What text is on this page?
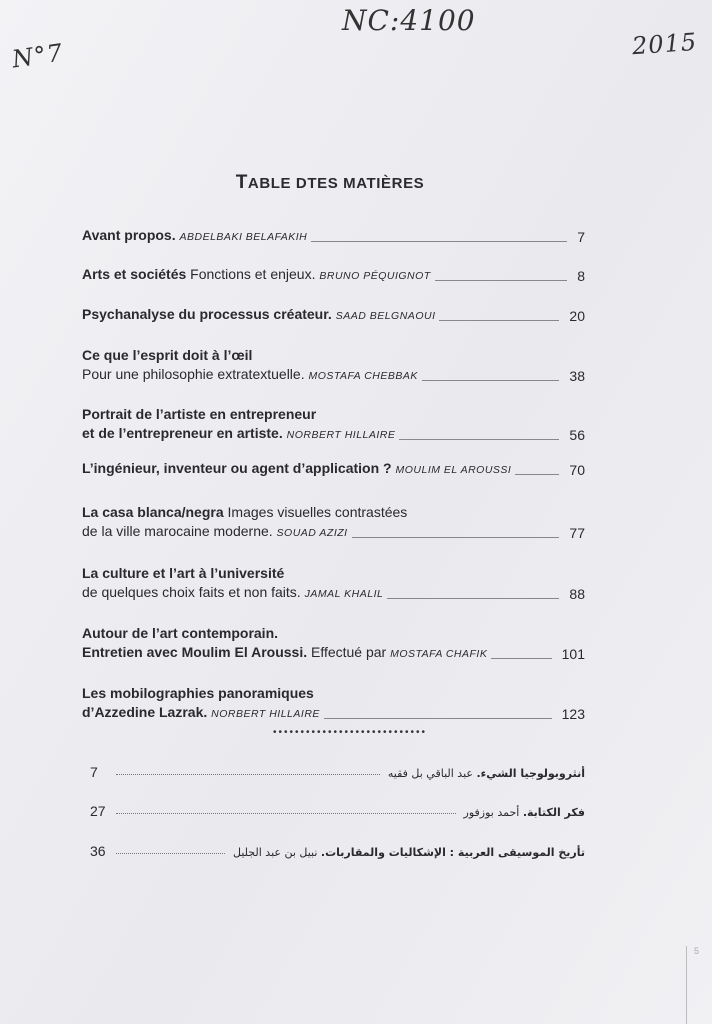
NC:4100
N°7	2015
TABLE DTES MATIÈRES
Avant propos. ABDELBAKI BELAFAKIH	7
Arts et sociétés Fonctions et enjeux. BRUNO PÉQUIGNOT	8
Psychanalyse du processus créateur. SAAD BELGNAOUI	20
Ce que l’esprit doit à l’œil
Pour une philosophie extratextuelle. MOSTAFA CHEBBAK	38
Portrait de l’artiste en entrepreneur
et de l’entrepreneur en artiste. NORBERT HILLAIRE	56
L’ingénieur, inventeur ou agent d’application ? MOULIM EL AROUSSI	70
La casa blanca/negra Images visuelles contrastées
de la ville marocaine moderne. SOUAD AZIZI	77
La culture et l’art à l’université
de quelques choix faits et non faits. JAMAL KHALIL	88
Autour de l’art contemporain.
Entretien avec Moulim El Aroussi. Effectué par MOSTAFA CHAFIK	101
Les mobilographies panoramiques
d’Azzedine Lazrak. NORBERT HILLAIRE	123
••••••••••••••••••••••••••••
7	أنثروبولوجيا الشيء. عبد الباقي بل فقيه
27	فكر الكتابة. أحمد بوزفور
36	تأريخ الموسيقى العربية : الإشكاليات والمقاربات. نبيل بن عبد الجليل
5
